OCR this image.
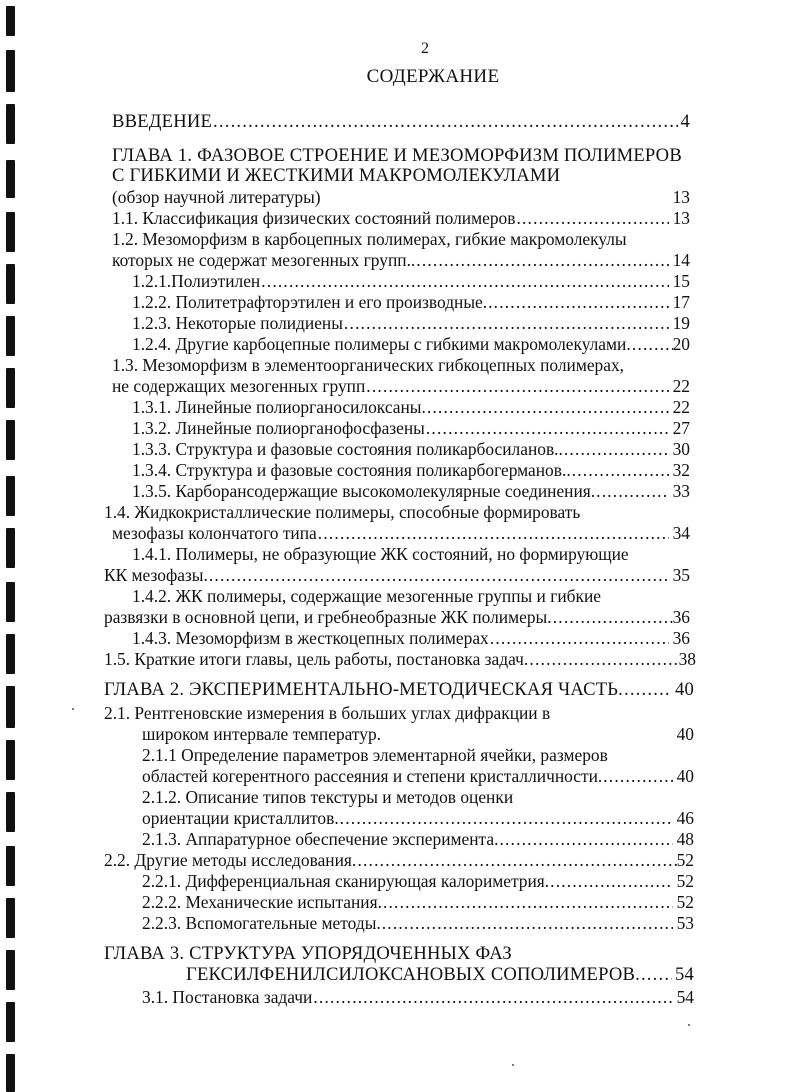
2
СОДЕРЖАНИЕ
ВВЕДЕНИЕ .....	4
ГЛАВА 1. ФАЗОВОЕ СТРОЕНИЕ И МЕЗОМОРФИЗМ ПОЛИМЕРОВ
С ГИБКИМИ И ЖЕСТКИМИ МАКРОМОЛЕКУЛАМИ
(обзор научной литературы)	13
1.1. Классификация физических состояний полимеров .....	13
1.2. Мезоморфизм в карбоцепных полимерах, гибкие макромолекулы
которых не содержат мезогенных групп.. .....	14
1.2.1.Полиэтилен .....	15
1.2.2. Политетрафторэтилен и его производные. .....	17
1.2.3. Некоторые полидиены .....	19
1.2.4. Другие карбоцепные полимеры с гибкими макромолекулами .....	20
1.3. Мезоморфизм в элементоорганических гибкоцепных полимерах,
не содержащих мезогенных групп .....	22
1.3.1. Линейные полиорганосилоксаны. .....	22
1.3.2. Линейные полиорганофосфазены .....	27
1.3.3. Структура и фазовые состояния поликарбосиланов.. .....	30
1.3.4. Структура и фазовые состояния поликарбогерманов.. .....	32
1.3.5. Карборансодержащие высокомолекулярные соединения. .....	33
1.4. Жидкокристаллические полимеры, способные формировать
мезофазы колончатого типа .....	34
1.4.1. Полимеры, не образующие ЖК состояний, но формирующие
КК мезофазы. .....	35
1.4.2. ЖК полимеры, содержащие мезогенные группы и гибкие
развязки в основной цепи, и гребнеобразные ЖК полимеры .....	36
1.4.3. Мезоморфизм в жесткоцепных полимерах .....	36
1.5. Краткие итоги главы, цель работы, постановка задач .....	38
ГЛАВА 2. ЭКСПЕРИМЕНТАЛЬНО-МЕТОДИЧЕСКАЯ ЧАСТЬ. .....	40
2.1. Рентгеновские измерения в больших углах дифракции в
широком интервале температур.	40
2.1.1 Определение параметров элементарной ячейки, размеров
областей когерентного рассеяния и степени кристалличности. .....	40
2.1.2. Описание типов текстуры и методов оценки
ориентации кристаллитов. .....	46
2.1.3. Аппаратурное обеспечение эксперимента. .....	48
2.2. Другие методы исследования .....	52
2.2.1. Дифференциальная сканирующая калориметрия. .....	52
2.2.2. Механические испытания. .....	52
2.2.3. Вспомогательные методы. .....	53
ГЛАВА 3. СТРУКТУРА УПОРЯДОЧЕННЫХ ФАЗ
ГЕКСИЛФЕНИЛСИЛОКСАНОВЫХ СОПОЛИМЕРОВ. ..... 54
3.1. Постановка задачи .....	54
